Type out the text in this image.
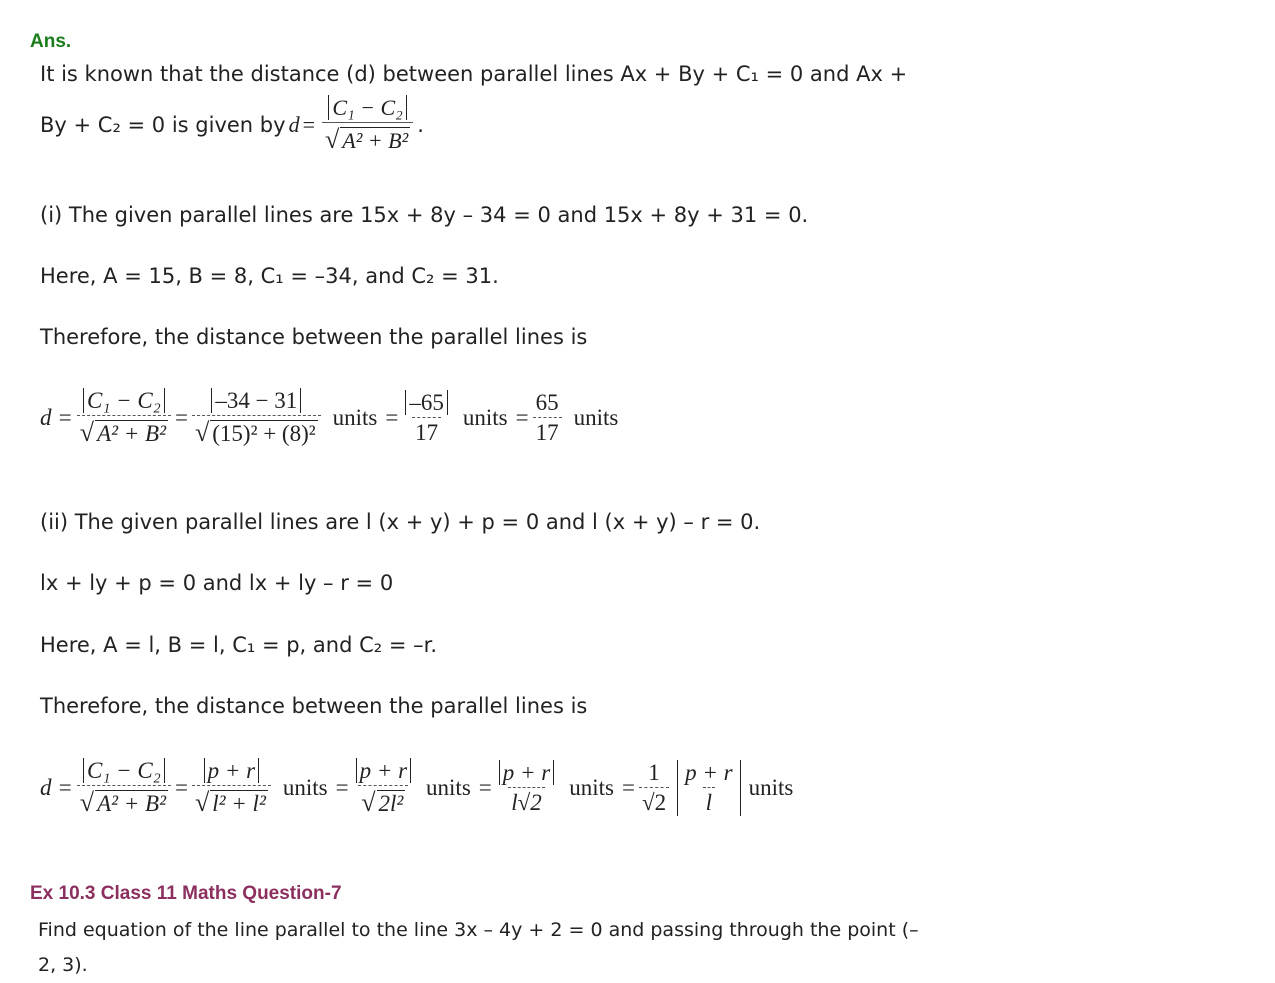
Ans.
It is known that the distance (d) between parallel lines Ax + By + C₁ = 0 and Ax +
By + C₂ = 0 is given by $d = \frac{\text{C₁ − C₂}}{\text{√ A² + B²}}$ .
(i) The given parallel lines are 15x + 8y – 34 = 0 and 15x + 8y + 31 = 0.
Here, A = 15, B = 8, C₁ = –34, and C₂ = 31.
Therefore, the distance between the parallel lines is
$d = \frac{\text{C₁ − C₂}}{\text{√ A² + B²}} = \frac{-34 - 31}{\text{√ (15)² + (8)²}}$ units = $\frac{-65}{17}$ units = $\frac{65}{17}$ units
(ii) The given parallel lines are l (x + y) + p = 0 and l (x + y) – r = 0.
lx + ly + p = 0 and lx + ly – r = 0
Here, A = l, B = l, C₁ = p, and C₂ = –r.
Therefore, the distance between the parallel lines is
$d = \frac{\text{C₁ − C₂}}{\text{√ A² + B²}} = \frac{p + r}{\text{√ l² + l²}}$ units = $\frac{p + r}{\text{√ 2l²}}$ units = $\frac{p + r}{l√2}$ units = $\frac{1}{√2} \frac{p + r}{l}$ units
Ex 10.3 Class 11 Maths Question-7
Find equation of the line parallel to the line 3x – 4y + 2 = 0 and passing through the point (–
2, 3).
